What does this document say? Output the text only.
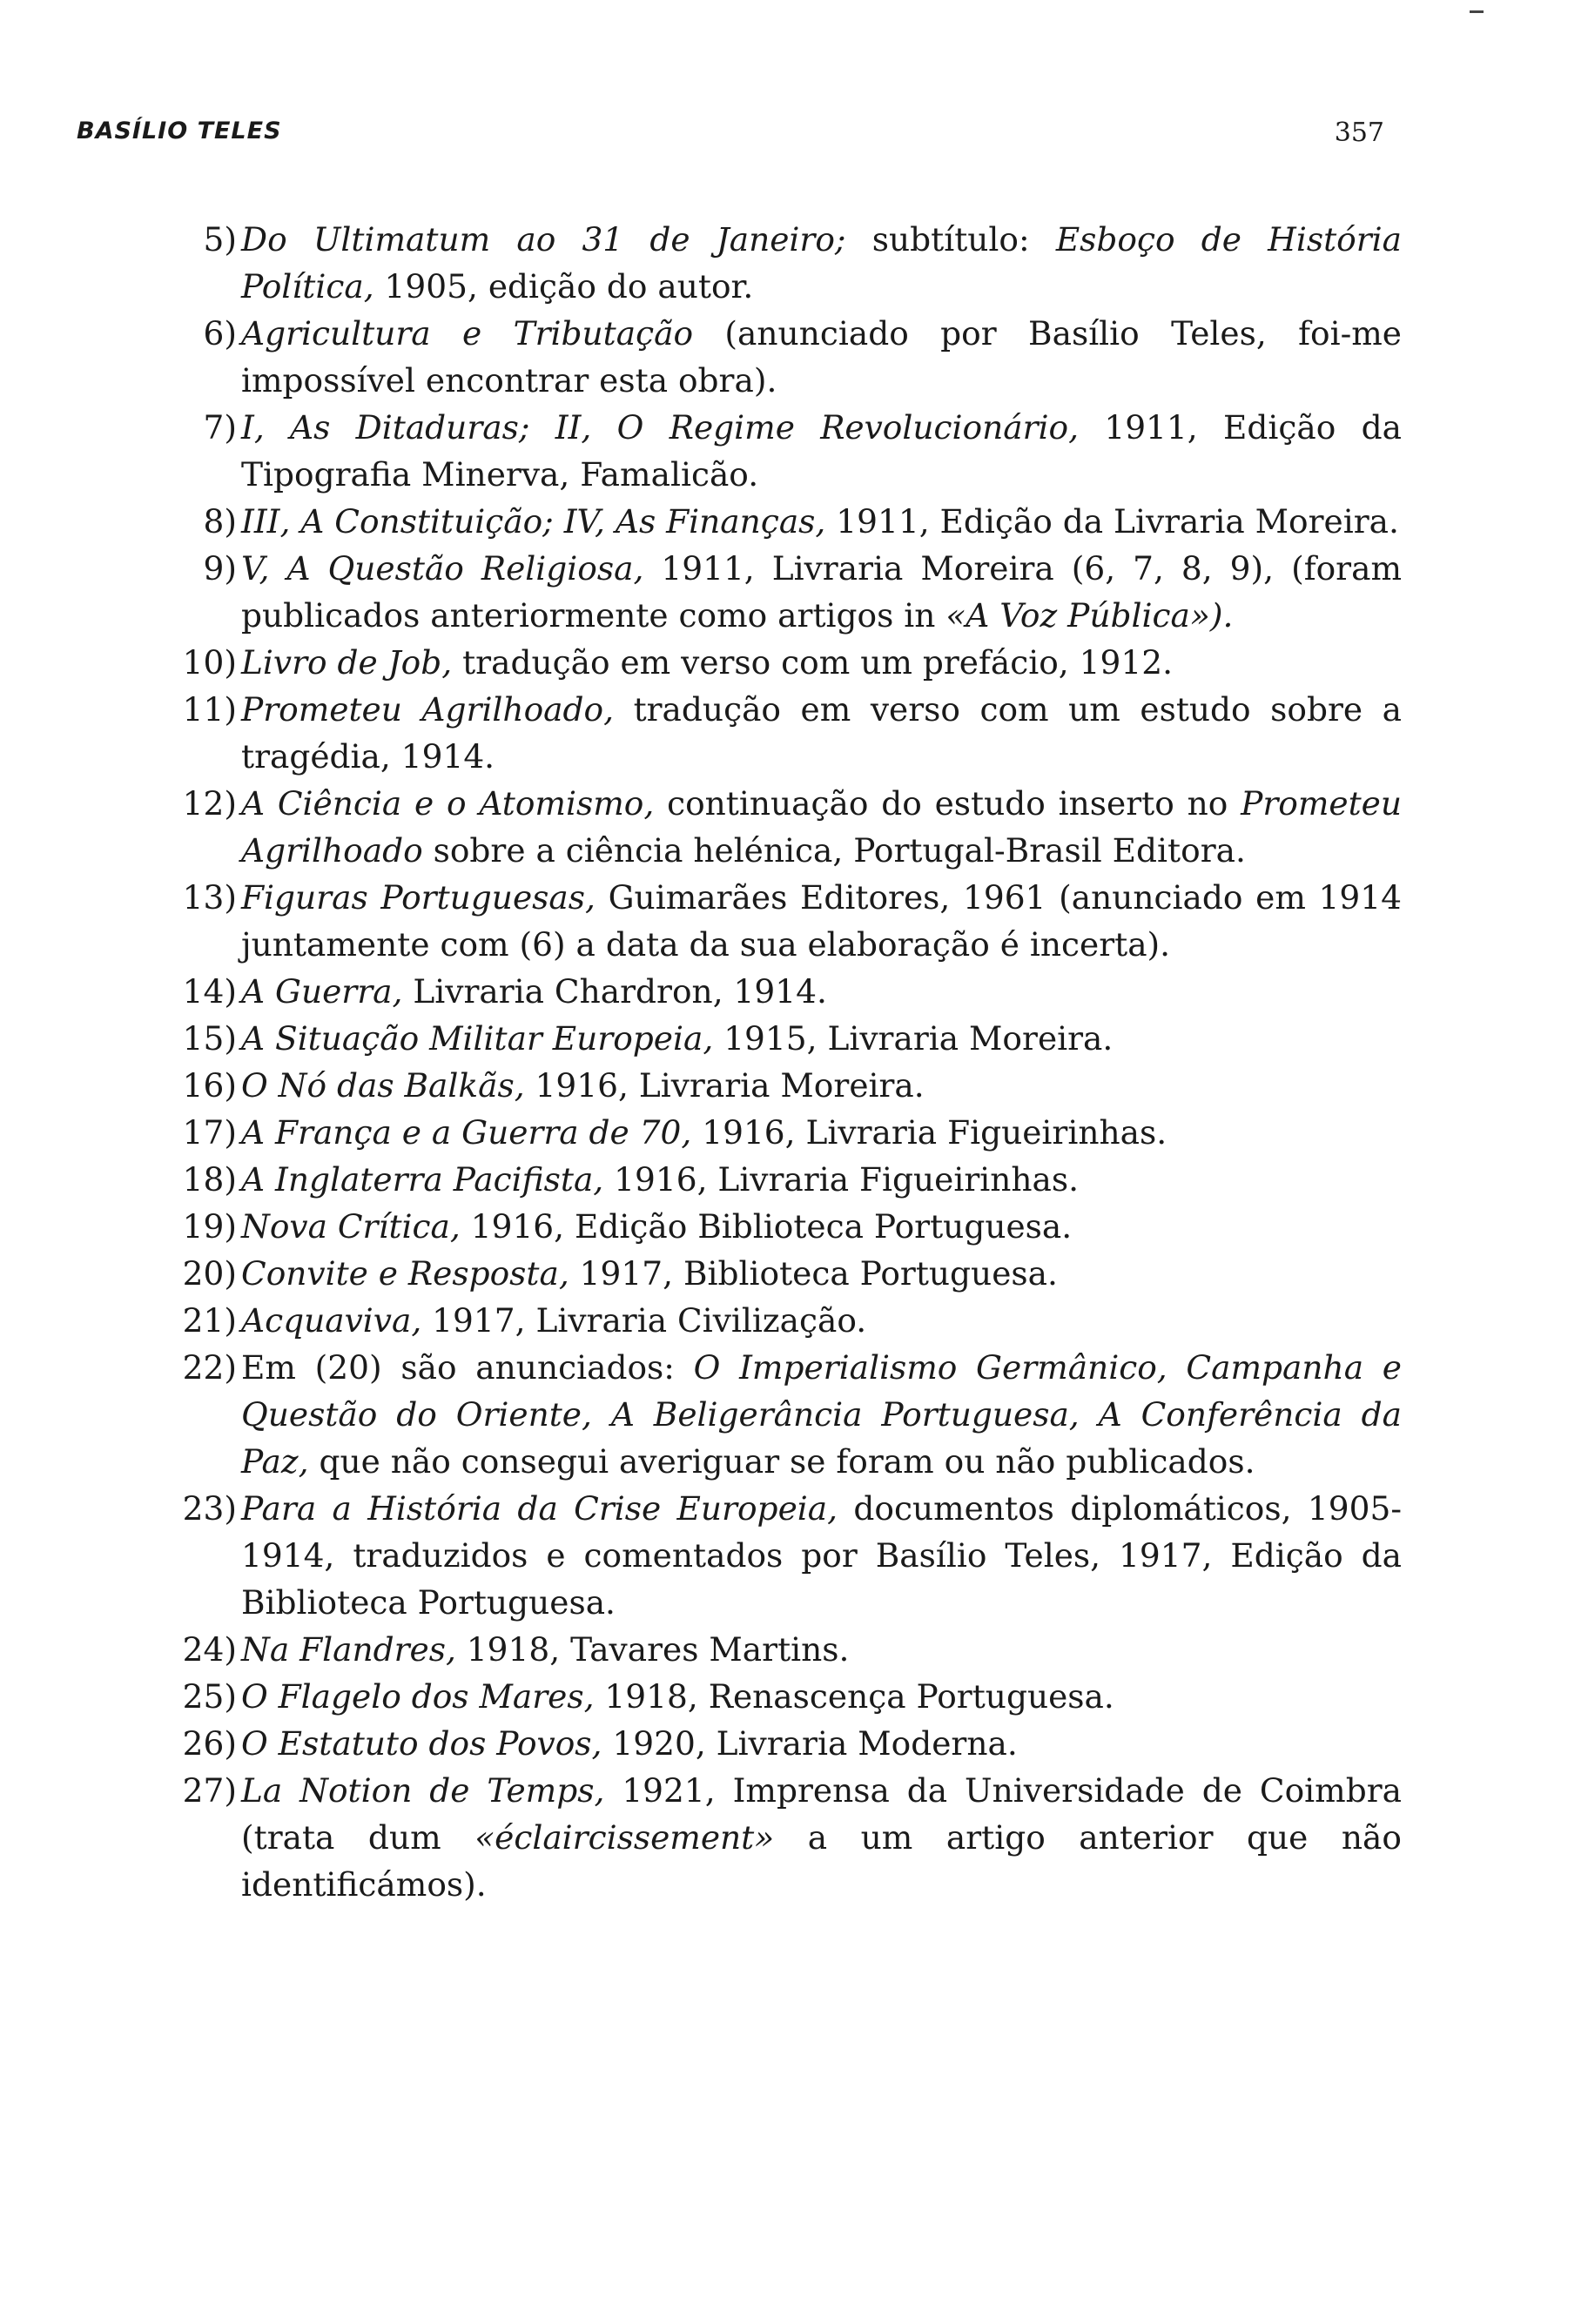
BASÍLIO TELES	357
5) Do Ultimatum ao 31 de Janeiro; subtítulo: Esboço de História Política, 1905, edição do autor.
6) Agricultura e Tributação (anunciado por Basílio Teles, foi-me impossível encontrar esta obra).
7) I, As Ditaduras; II, O Regime Revolucionário, 1911, Edição da Tipografia Minerva, Famalicão.
8) III, A Constituição; IV, As Finanças, 1911, Edição da Livraria Moreira.
9) V, A Questão Religiosa, 1911, Livraria Moreira (6, 7, 8, 9), (foram publicados anteriormente como artigos in «A Voz Pública»).
10) Livro de Job, tradução em verso com um prefácio, 1912.
11) Prometeu Agrilhoado, tradução em verso com um estudo sobre a tragédia, 1914.
12) A Ciência e o Atomismo, continuação do estudo inserto no Prometeu Agrilhoado sobre a ciência helénica, Portugal-Brasil Editora.
13) Figuras Portuguesas, Guimarães Editores, 1961 (anunciado em 1914 juntamente com (6) a data da sua elaboração é incerta).
14) A Guerra, Livraria Chardron, 1914.
15) A Situação Militar Europeia, 1915, Livraria Moreira.
16) O Nó das Balkãs, 1916, Livraria Moreira.
17) A França e a Guerra de 70, 1916, Livraria Figueirinhas.
18) A Inglaterra Pacifista, 1916, Livraria Figueirinhas.
19) Nova Crítica, 1916, Edição Biblioteca Portuguesa.
20) Convite e Resposta, 1917, Biblioteca Portuguesa.
21) Acquaviva, 1917, Livraria Civilização.
22) Em (20) são anunciados: O Imperialismo Germânico, Campanha e Questão do Oriente, A Beligerância Portuguesa, A Conferência da Paz, que não consegui averiguar se foram ou não publicados.
23) Para a História da Crise Europeia, documentos diplomáticos, 1905-1914, traduzidos e comentados por Basílio Teles, 1917, Edição da Biblioteca Portuguesa.
24) Na Flandres, 1918, Tavares Martins.
25) O Flagelo dos Mares, 1918, Renascença Portuguesa.
26) O Estatuto dos Povos, 1920, Livraria Moderna.
27) La Notion de Temps, 1921, Imprensa da Universidade de Coimbra (trata dum «éclaircissement» a um artigo anterior que não identificámos).
